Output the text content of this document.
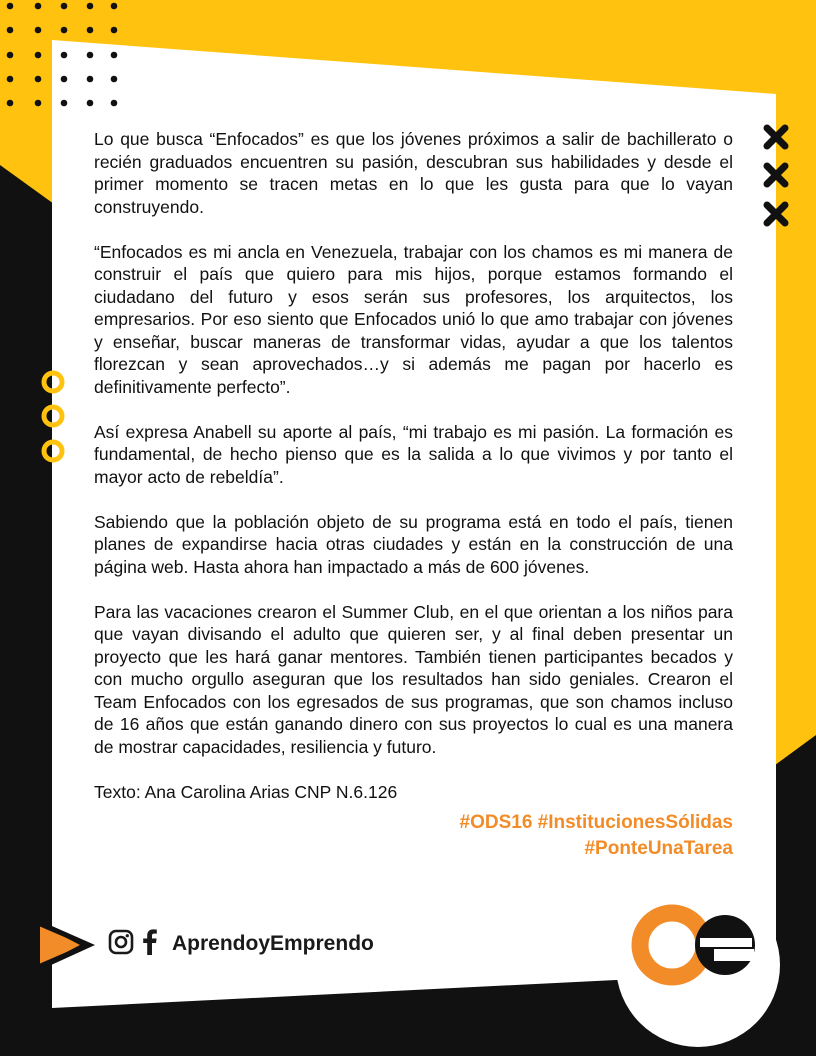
Lo que busca “Enfocados” es que los jóvenes próximos a salir de bachillerato o recién graduados encuentren su pasión, descubran sus habilidades y desde el primer momento se tracen metas en lo que les gusta para que lo vayan construyendo.

“Enfocados es mi ancla en Venezuela, trabajar con los chamos es mi manera de construir el país que quiero para mis hijos, porque estamos formando el ciudadano del futuro y esos serán sus profesores, los arquitectos, los empresarios. Por eso siento que Enfocados unió lo que amo trabajar con jóvenes y enseñar, buscar maneras de transformar vidas, ayudar a que los talentos florezcan y sean aprovechados…y si además me pagan por hacerlo es definitivamente perfecto”.

Así expresa Anabell su aporte al país, “mi trabajo es mi pasión. La formación es fundamental, de hecho pienso que es la salida a lo que vivimos y por tanto el mayor acto de rebeldía”.

Sabiendo que la población objeto de su programa está en todo el país, tienen planes de expandirse hacia otras ciudades y están en la construcción de una página web. Hasta ahora han impactado a más de 600 jóvenes.

Para las vacaciones crearon el Summer Club, en el que orientan a los niños para que vayan divisando el adulto que quieren ser, y al final deben presentar un proyecto que les hará ganar mentores. También tienen participantes becados y con mucho orgullo aseguran que los resultados han sido geniales. Crearon el Team Enfocados con los egresados de sus programas, que son chamos incluso de 16 años que están ganando dinero con sus proyectos lo cual es una manera de mostrar capacidades, resiliencia y futuro.

Texto: Ana Carolina Arias CNP N.6.126

#ODS16 #InstitucionesSólidas
#PonteUnaTarea
AprendoyEmprendo
